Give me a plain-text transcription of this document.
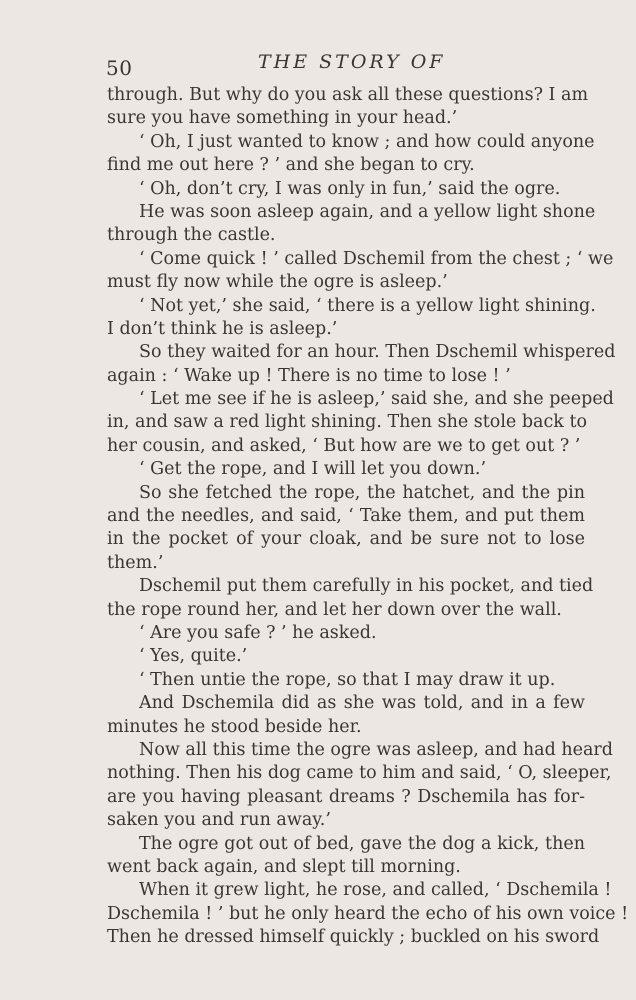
50	THE STORY OF
through. But why do you ask all these questions? I am
sure you have something in your head.’
‘ Oh, I just wanted to know ; and how could anyone
find me out here ? ’ and she began to cry.
‘ Oh, don’t cry, I was only in fun,’ said the ogre.
He was soon asleep again, and a yellow light shone
through the castle.
‘ Come quick ! ’ called Dschemil from the chest ; ‘ we
must fly now while the ogre is asleep.’
‘ Not yet,’ she said, ‘ there is a yellow light shining.
I don’t think he is asleep.’
So they waited for an hour. Then Dschemil whispered
again : ‘ Wake up ! There is no time to lose ! ’
‘ Let me see if he is asleep,’ said she, and she peeped
in, and saw a red light shining. Then she stole back to
her cousin, and asked, ‘ But how are we to get out ? ’
‘ Get the rope, and I will let you down.’
So she fetched the rope, the hatchet, and the pin
and the needles, and said, ‘ Take them, and put them
in the pocket of your cloak, and be sure not to lose
them.’
Dschemil put them carefully in his pocket, and tied
the rope round her, and let her down over the wall.
‘ Are you safe ? ’ he asked.
‘ Yes, quite.’
‘ Then untie the rope, so that I may draw it up.
And Dschemila did as she was told, and in a few
minutes he stood beside her.
Now all this time the ogre was asleep, and had heard
nothing. Then his dog came to him and said, ‘ O, sleeper,
are you having pleasant dreams ? Dschemila has for-
saken you and run away.’
The ogre got out of bed, gave the dog a kick, then
went back again, and slept till morning.
When it grew light, he rose, and called, ‘ Dschemila !
Dschemila ! ’ but he only heard the echo of his own voice !
Then he dressed himself quickly ; buckled on his sword
